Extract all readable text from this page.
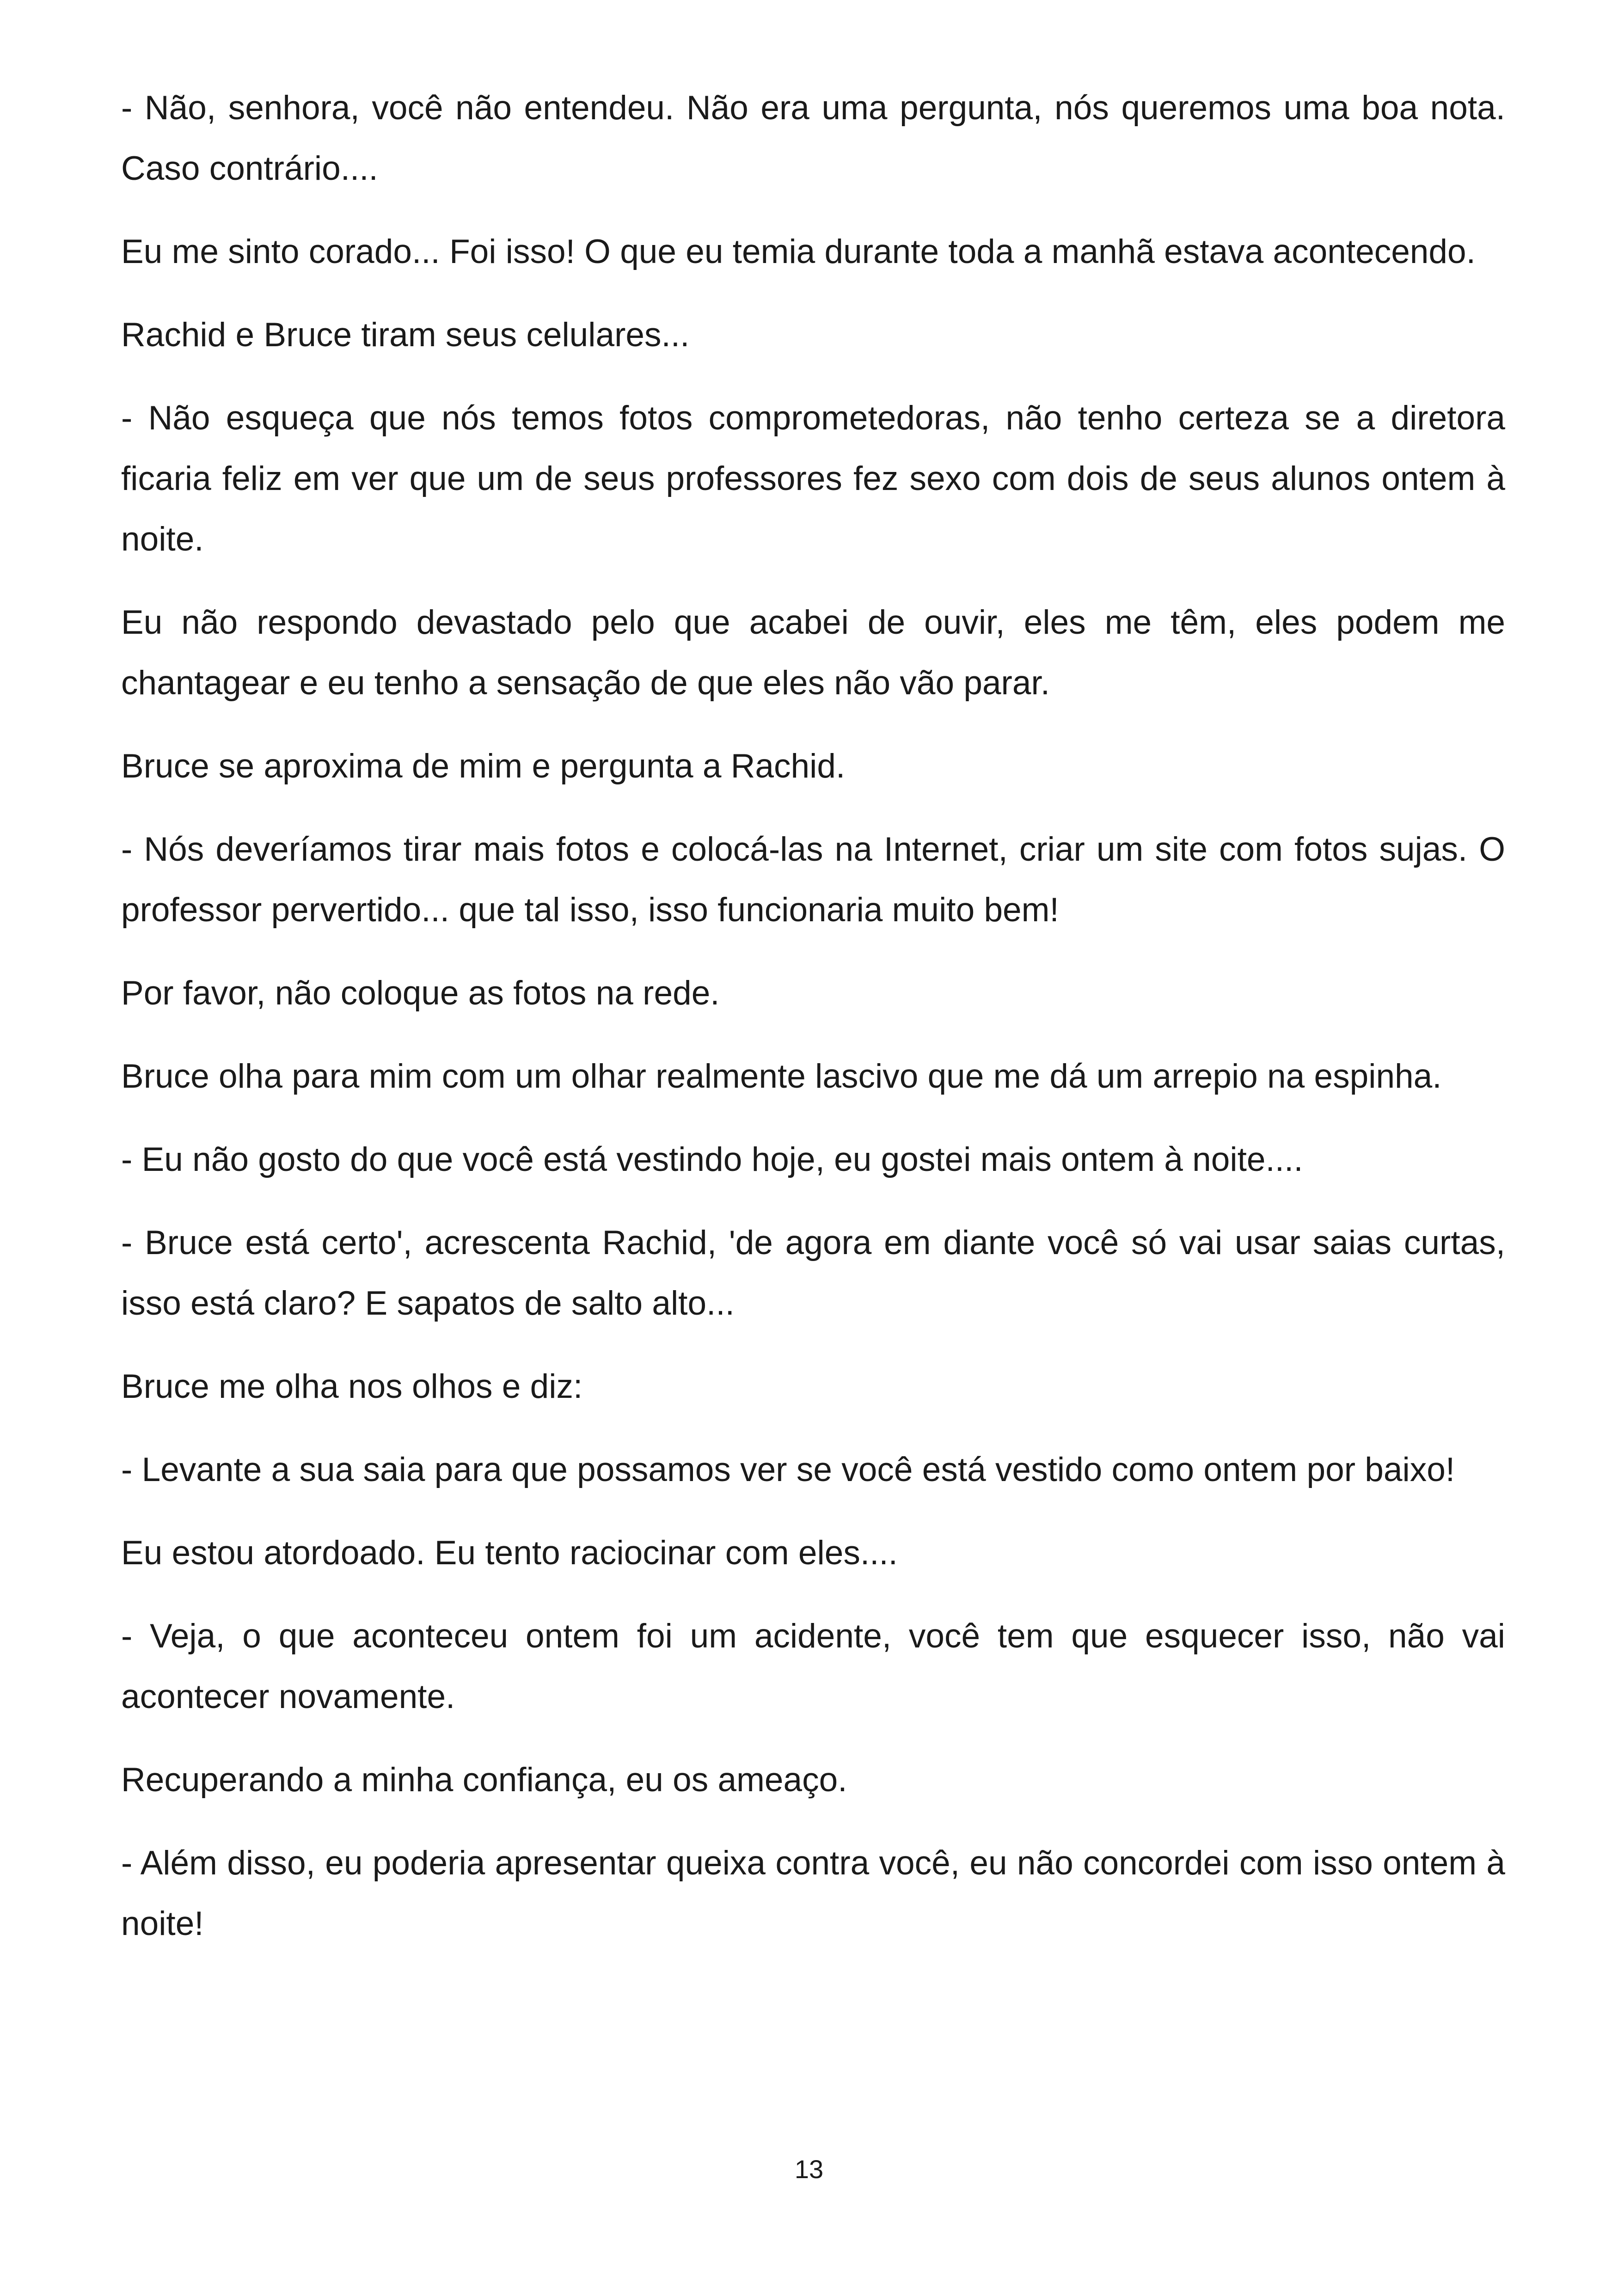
- Não, senhora, você não entendeu. Não era uma pergunta, nós queremos uma boa nota. Caso contrário....

Eu me sinto corado... Foi isso! O que eu temia durante toda a manhã estava acontecendo.

Rachid e Bruce tiram seus celulares...

- Não esqueça que nós temos fotos comprometedoras, não tenho certeza se a diretora ficaria feliz em ver que um de seus professores fez sexo com dois de seus alunos ontem à noite.

Eu não respondo devastado pelo que acabei de ouvir, eles me têm, eles podem me chantagear e eu tenho a sensação de que eles não vão parar.

Bruce se aproxima de mim e pergunta a Rachid.

- Nós deveríamos tirar mais fotos e colocá-las na Internet, criar um site com fotos sujas. O professor pervertido... que tal isso, isso funcionaria muito bem!

Por favor, não coloque as fotos na rede.

Bruce olha para mim com um olhar realmente lascivo que me dá um arrepio na espinha.

- Eu não gosto do que você está vestindo hoje, eu gostei mais ontem à noite....

- Bruce está certo', acrescenta Rachid, 'de agora em diante você só vai usar saias curtas, isso está claro? E sapatos de salto alto...

Bruce me olha nos olhos e diz:

- Levante a sua saia para que possamos ver se você está vestido como ontem por baixo!

Eu estou atordoado. Eu tento raciocinar com eles....

- Veja, o que aconteceu ontem foi um acidente, você tem que esquecer isso, não vai acontecer novamente.

Recuperando a minha confiança, eu os ameaço.

- Além disso, eu poderia apresentar queixa contra você, eu não concordei com isso ontem à noite!

13
